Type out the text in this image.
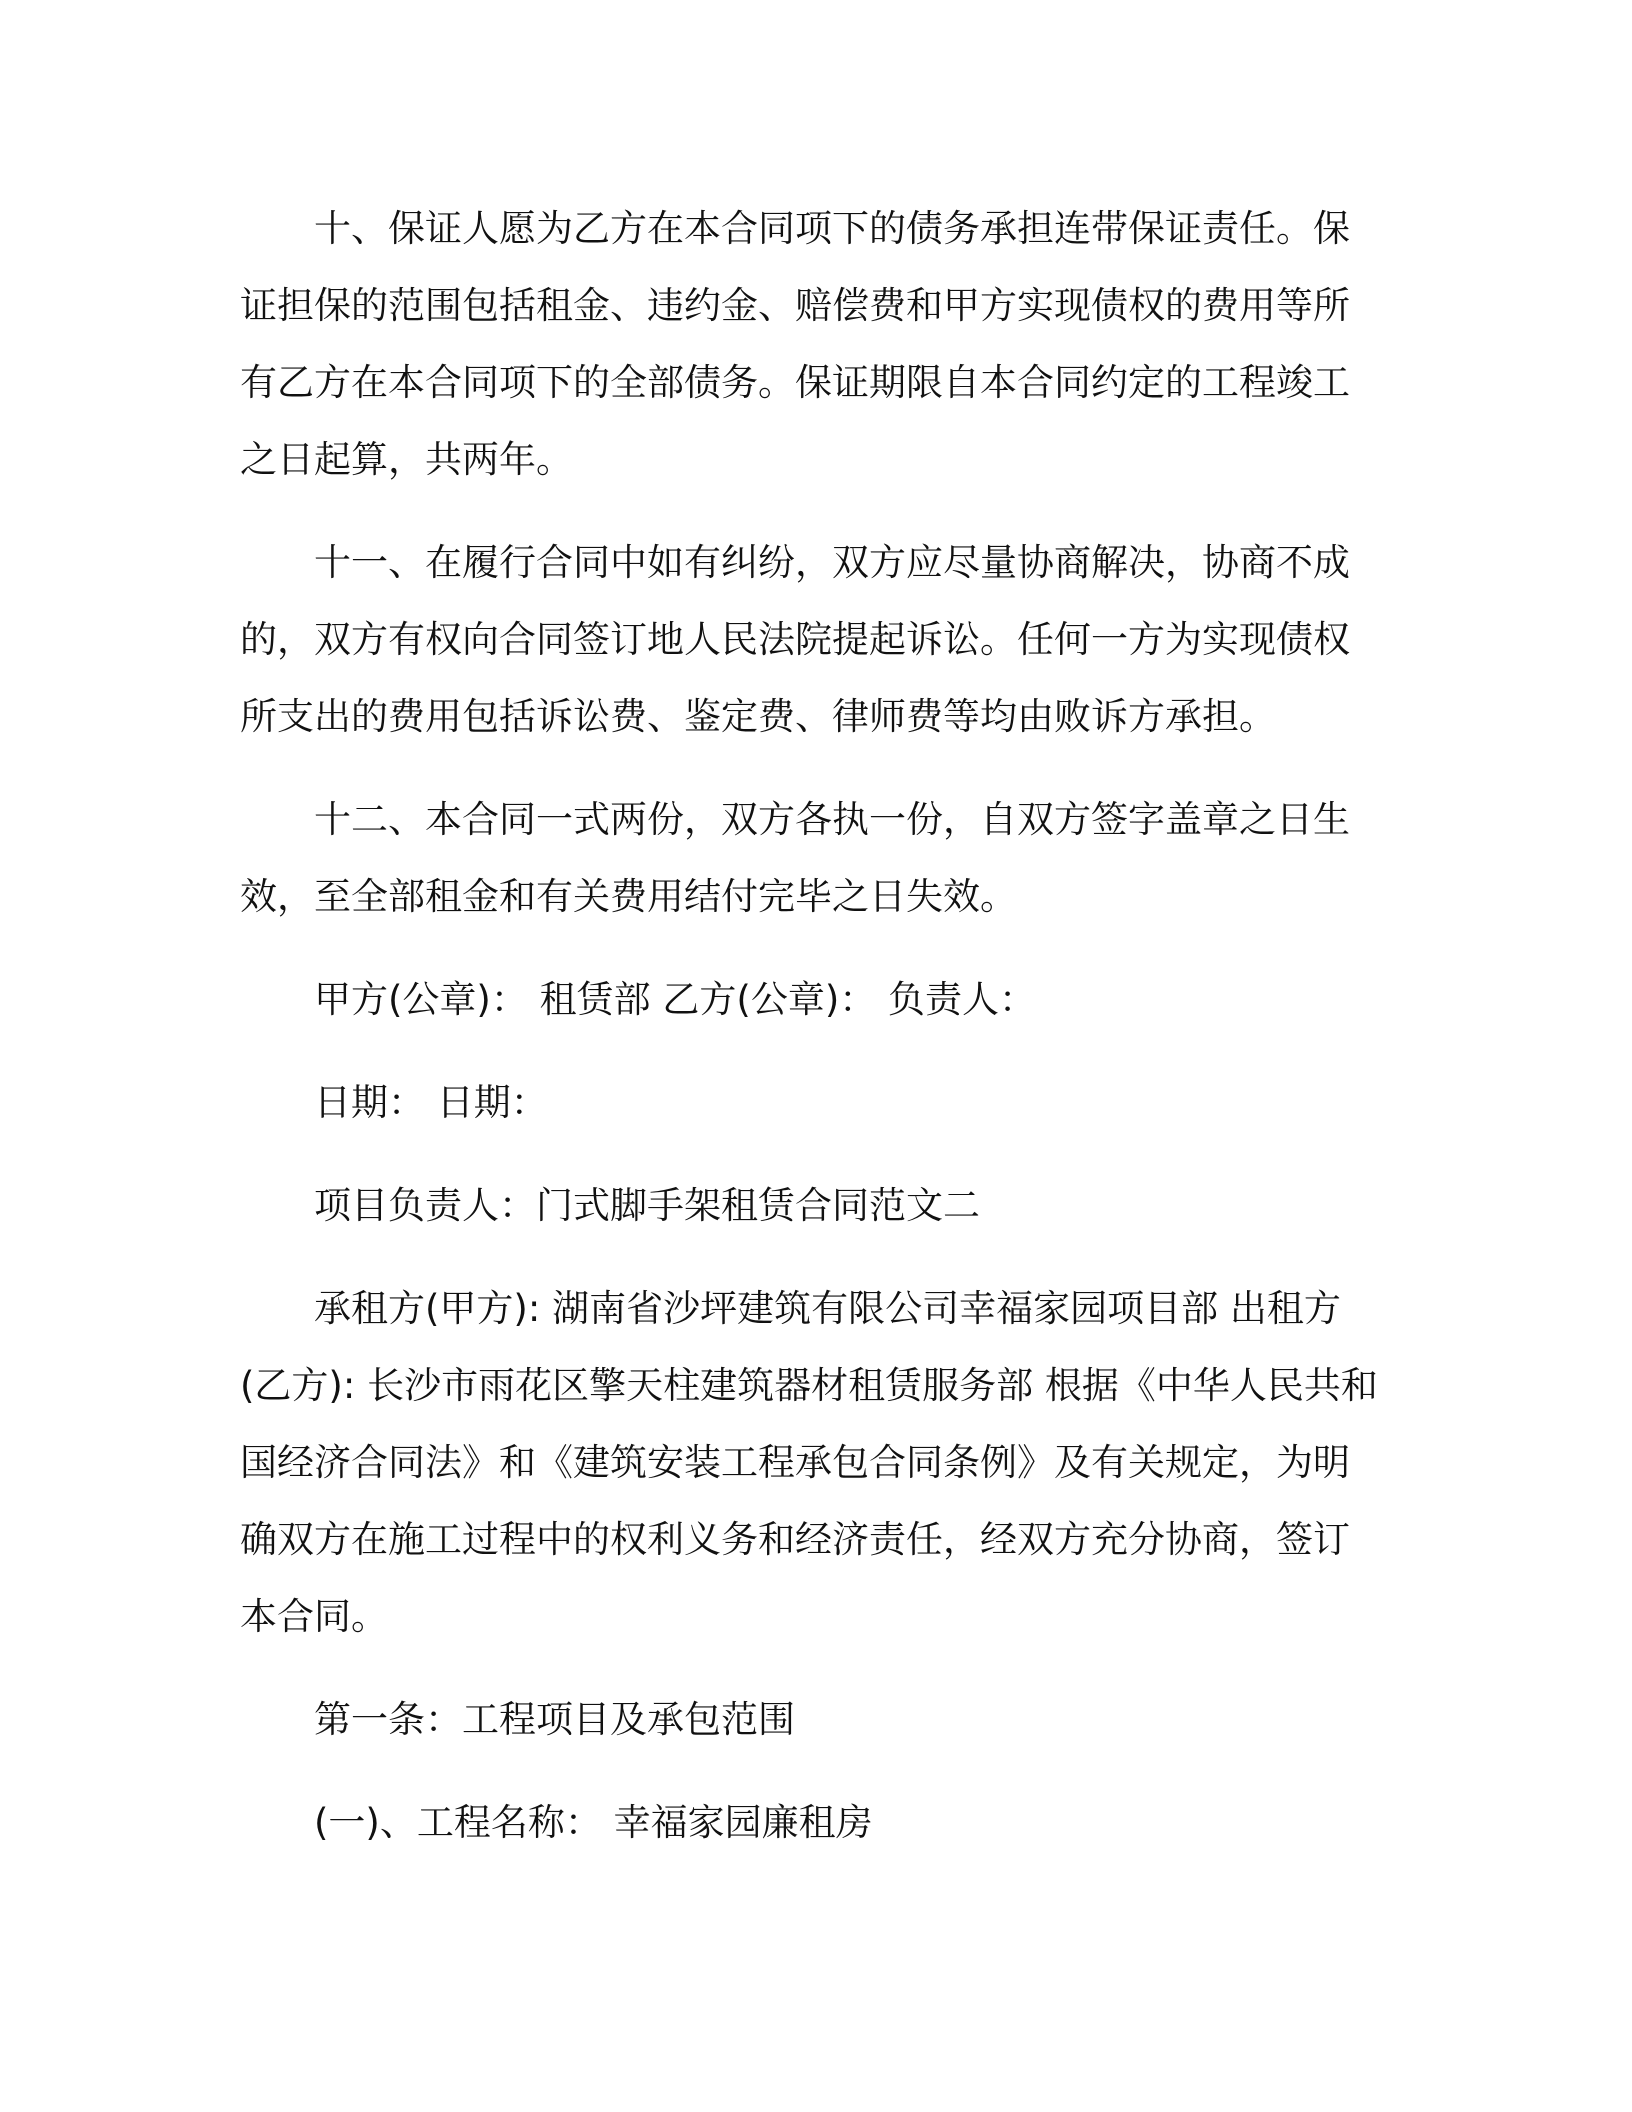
十、保证人愿为乙方在本合同项下的债务承担连带保证责任。保证担保的范围包括租金、违约金、赔偿费和甲方实现债权的费用等所有乙方在本合同项下的全部债务。保证期限自本合同约定的工程竣工之日起算，共两年。

十一、在履行合同中如有纠纷，双方应尽量协商解决，协商不成的，双方有权向合同签订地人民法院提起诉讼。任何一方为实现债权所支出的费用包括诉讼费、鉴定费、律师费等均由败诉方承担。

十二、本合同一式两份，双方各执一份，自双方签字盖章之日生效，至全部租金和有关费用结付完毕之日失效。

甲方(公章)： 租赁部 乙方(公章)： 负责人：

日期： 日期：

项目负责人：门式脚手架租赁合同范文二

承租方(甲方): 湖南省沙坪建筑有限公司幸福家园项目部 出租方(乙方): 长沙市雨花区擎天柱建筑器材租赁服务部 根据《中华人民共和国经济合同法》和《建筑安装工程承包合同条例》及有关规定，为明确双方在施工过程中的权利义务和经济责任，经双方充分协商，签订本合同。

第一条：工程项目及承包范围

(一)、工程名称： 幸福家园廉租房
